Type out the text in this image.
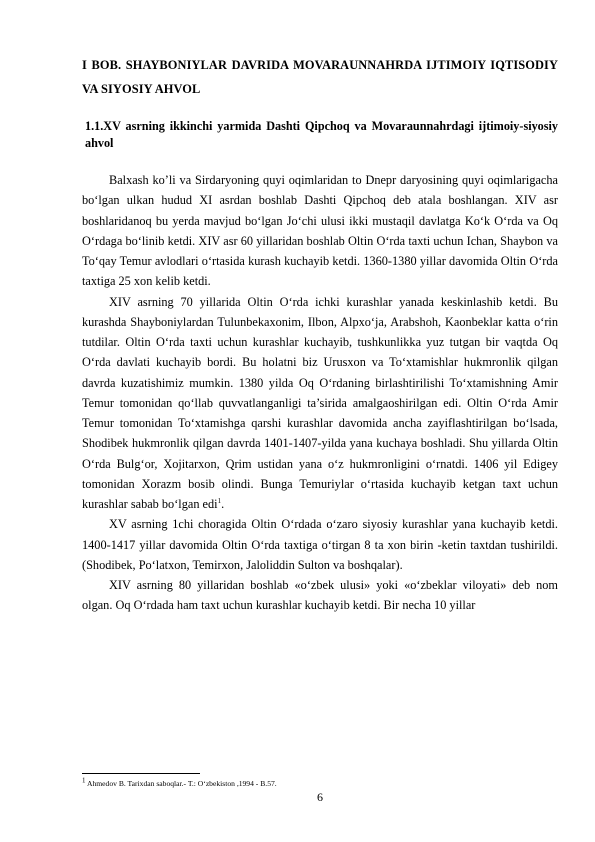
I BOB. SHAYBONIYLAR DAVRIDA MOVARAUNNAHRDA IJTIMOIY IQTISODIY VA SIYOSIY AHVOL
1.1.XV asrning ikkinchi yarmida Dashti Qipchoq va Movaraunnahrdagi ijtimoiy-siyosiy ahvol

Balxash ko’li va Sirdaryoning quyi oqimlaridan to Dnepr daryosining quyi oqimlarigacha bo‘lgan ulkan hudud XI asrdan boshlab Dashti Qipchoq deb atala boshlangan. XIV asr boshlaridanoq bu yerda mavjud bo‘lgan Jo‘chi ulusi ikki mustaqil davlatga Ko‘k O‘rda va Oq O‘rdaga bo‘linib ketdi. XIV asr 60 yillaridan boshlab Oltin O‘rda taxti uchun Ichan, Shaybon va To‘qay Temur avlodlari o‘rtasida kurash kuchayib ketdi. 1360-1380 yillar davomida Oltin O‘rda taxtiga 25 xon kelib ketdi.

XIV asrning 70 yillarida Oltin O‘rda ichki kurashlar yanada keskinlashib ketdi. Bu kurashda Shayboniylardan Tulunbekaxonim, Ilbon, Alpxo‘ja, Arabshoh, Kaonbeklar katta o‘rin tutdilar. Oltin O‘rda taxti uchun kurashlar kuchayib, tushkunlikka yuz tutgan bir vaqtda Oq O‘rda davlati kuchayib bordi. Bu holatni biz Urusxon va To‘xtamishlar hukmronlik qilgan davrda kuzatishimiz mumkin. 1380 yilda Oq O‘rdaning birlashtirilishi To‘xtamishning Amir Temur tomonidan qo‘llab quvvatlanganligi ta’sirida amalgaoshirilgan edi. Oltin O‘rda Amir Temur tomonidan To‘xtamishga qarshi kurashlar davomida ancha zayiflashtirilgan bo‘lsada, Shodibek hukmronlik qilgan davrda 1401-1407-yilda yana kuchaya boshladi. Shu yillarda Oltin O‘rda Bulg‘or, Xojitarxon, Qrim ustidan yana o‘z hukmronligini o‘rnatdi. 1406 yil Edigey tomonidan Xorazm bosib olindi. Bunga Temuriylar o‘rtasida kuchayib ketgan taxt uchun kurashlar sabab bo‘lgan edi$^1$.

XV asrning 1chi choragida Oltin O‘rdada o‘zaro siyosiy kurashlar yana kuchayib ketdi. 1400-1417 yillar davomida Oltin O‘rda taxtiga o‘tirgan 8 ta xon birin -ketin taxtdan tushirildi. (Shodibek, Po‘latxon, Temirxon, Jaloliddin Sulton va boshqalar).

XIV asrning 80 yillaridan boshlab «o‘zbek ulusi» yoki «o‘zbeklar viloyati» deb nom olgan. Oq O‘rdada ham taxt uchun kurashlar kuchayib ketdi. Bir necha 10 yillar

$^1$ Ahmedov B. Tarixdan saboqlar.- T.: O‘zbekiston ,1994 - B.57.
6
